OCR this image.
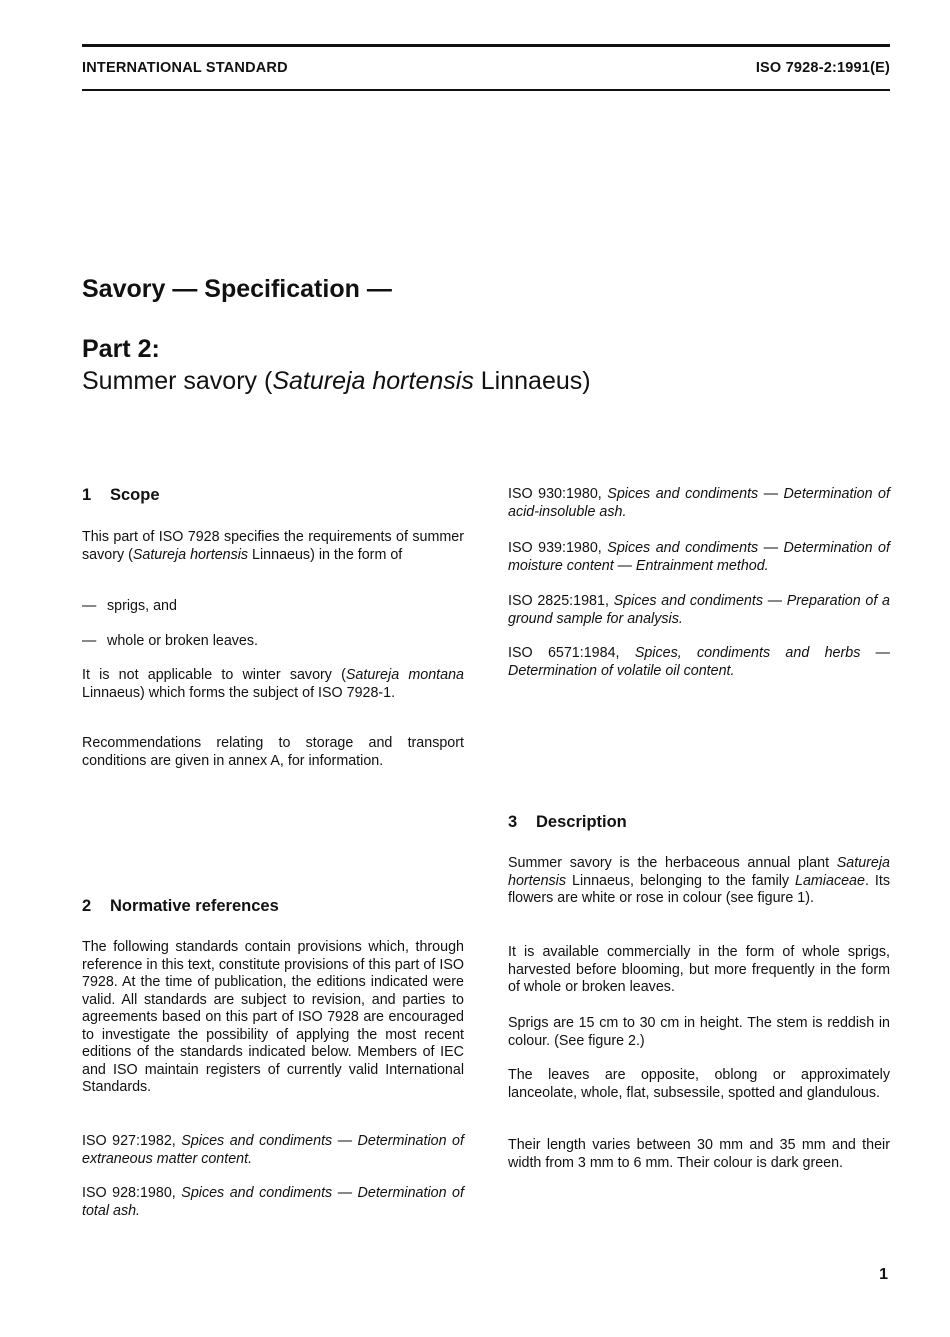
INTERNATIONAL STANDARD	ISO 7928-2:1991(E)
Savory — Specification —
Part 2:
Summer savory (Satureja hortensis Linnaeus)
1 Scope

This part of ISO 7928 specifies the requirements of summer savory (Satureja hortensis Linnaeus) in the form of

— sprigs, and

— whole or broken leaves.

It is not applicable to winter savory (Satureja montana Linnaeus) which forms the subject of ISO 7928-1.

Recommendations relating to storage and transport conditions are given in annex A, for information.

2 Normative references

The following standards contain provisions which, through reference in this text, constitute provisions of this part of ISO 7928. At the time of publication, the editions indicated were valid. All standards are subject to revision, and parties to agreements based on this part of ISO 7928 are encouraged to investigate the possibility of applying the most recent editions of the standards indicated below. Members of IEC and ISO maintain registers of currently valid International Standards.

ISO 927:1982, Spices and condiments — Determination of extraneous matter content.

ISO 928:1980, Spices and condiments — Determination of total ash.

ISO 930:1980, Spices and condiments — Determination of acid-insoluble ash.

ISO 939:1980, Spices and condiments — Determination of moisture content — Entrainment method.

ISO 2825:1981, Spices and condiments — Preparation of a ground sample for analysis.

ISO 6571:1984, Spices, condiments and herbs — Determination of volatile oil content.

3 Description

Summer savory is the herbaceous annual plant Satureja hortensis Linnaeus, belonging to the family Lamiaceae. Its flowers are white or rose in colour (see figure 1).

It is available commercially in the form of whole sprigs, harvested before blooming, but more frequently in the form of whole or broken leaves.

Sprigs are 15 cm to 30 cm in height. The stem is reddish in colour. (See figure 2.)

The leaves are opposite, oblong or approximately lanceolate, whole, flat, subsessile, spotted and glandulous.

Their length varies between 30 mm and 35 mm and their width from 3 mm to 6 mm. Their colour is dark green.

1
